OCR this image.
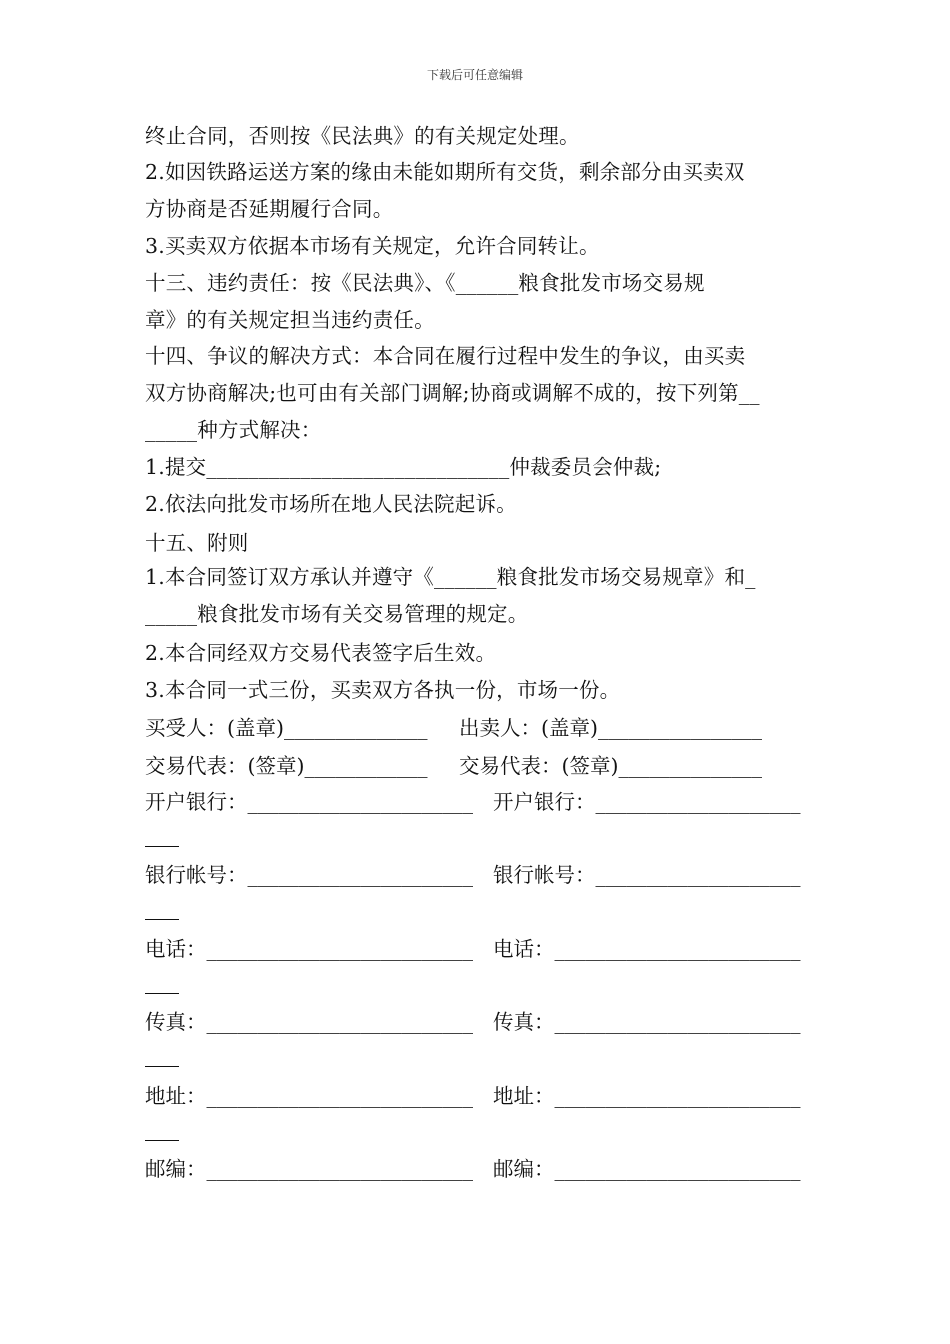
下载后可任意编辑
终止合同，否则按《民法典》的有关规定处理。
2.如因铁路运送方案的缘由未能如期所有交货，剩余部分由买卖双
方协商是否延期履行合同。
3.买卖双方依据本市场有关规定，允许合同转让。
十三、违约责任：按《民法典》、《______粮食批发市场交易规
章》的有关规定担当违约责任。
十四、争议的解决方式：本合同在履行过程中发生的争议，由买卖
双方协商解决;也可由有关部门调解;协商或调解不成的，按下列第__
_____种方式解决：
1.提交_____________________________仲裁委员会仲裁;
2.依法向批发市场所在地人民法院起诉。
十五、附则
1.本合同签订双方承认并遵守《______粮食批发市场交易规章》和_
_____粮食批发市场有关交易管理的规定。
2.本合同经双方交易代表签字后生效。
3.本合同一式三份，买卖双方各执一份，市场一份。
买受人：(盖章)______________ 出卖人：(盖章)________________
交易代表：(签章)____________ 交易代表：(签章)______________
开户银行：______________________ 开户银行：____________________
银行帐号：______________________ 银行帐号：____________________
电话：__________________________ 电话：________________________
传真：__________________________ 传真：________________________
地址：__________________________ 地址：________________________
邮编：__________________________ 邮编：________________________
